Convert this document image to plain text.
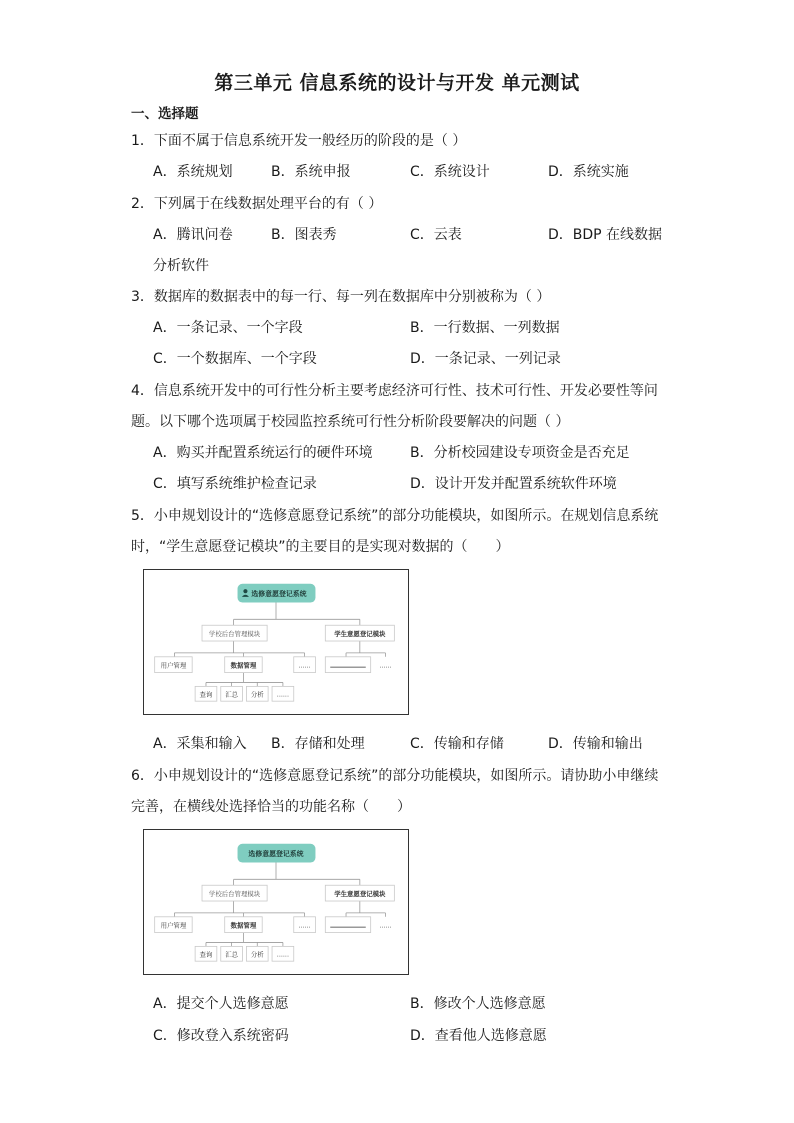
第三单元 信息系统的设计与开发 单元测试
一、选择题
1．下面不属于信息系统开发一般经历的阶段的是（ ）
A．系统规划	B．系统申报	C．系统设计	D．系统实施
2．下列属于在线数据处理平台的有（ ）
A．腾讯问卷	B．图表秀	C．云表	D．BDP 在线数据
分析软件
3．数据库的数据表中的每一行、每一列在数据库中分别被称为（ ）
A．一条记录、一个字段	B．一行数据、一列数据
C．一个数据库、一个字段	D．一条记录、一列记录
4．信息系统开发中的可行性分析主要考虑经济可行性、技术可行性、开发必要性等问
题。以下哪个选项属于校园监控系统可行性分析阶段要解决的问题（ ）
A．购买并配置系统运行的硬件环境	B．分析校园建设专项资金是否充足
C．填写系统维护检查记录	D．设计开发并配置系统软件环境
5．小申规划设计的“选修意愿登记系统”的部分功能模块，如图所示。在规划信息系统
时，“学生意愿登记模块”的主要目的是实现对数据的（　　）
选修意愿登记系统
学校后台管理模块	学生意愿登记模块
用户管理	数据管理	......	......
查询 汇总 分析 ......
A．采集和输入 B．存储和处理	C．传输和存储	D．传输和输出
6．小申规划设计的“选修意愿登记系统”的部分功能模块，如图所示。请协助小申继续
完善，在横线处选择恰当的功能名称（　　）
选修意愿登记系统
学校后台管理模块	学生意愿登记模块
用户管理	数据管理	......	......
查询 汇总 分析 ......
A．提交个人选修意愿	B．修改个人选修意愿
C．修改登入系统密码	D．查看他人选修意愿
